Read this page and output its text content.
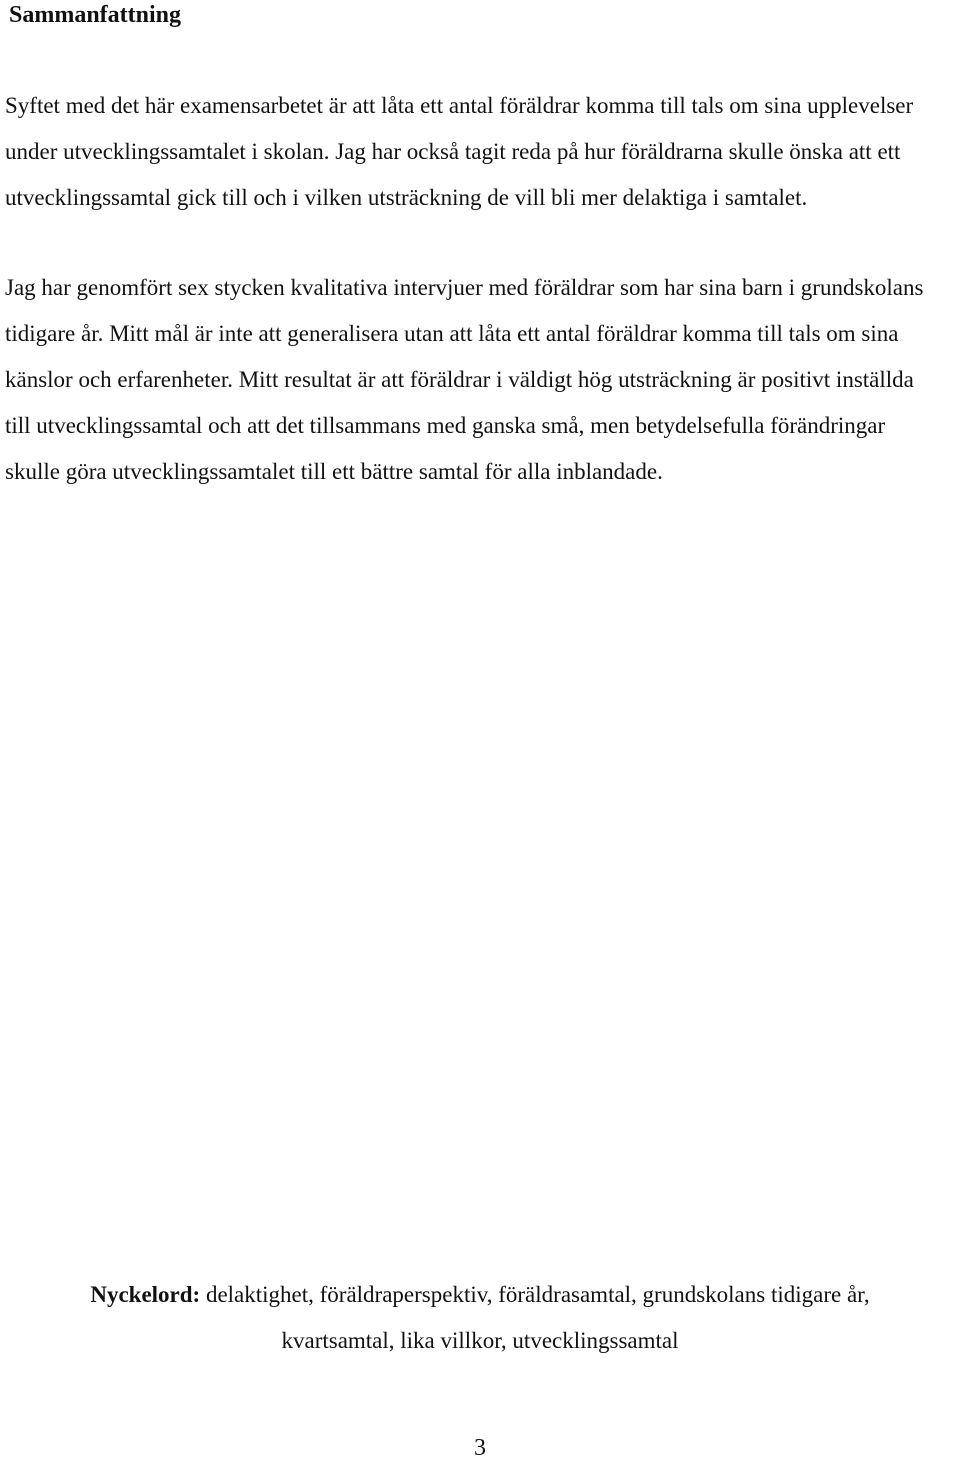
Sammanfattning

Syftet med det här examensarbetet är att låta ett antal föräldrar komma till tals om sina upplevelser under utvecklingssamtalet i skolan. Jag har också tagit reda på hur föräldrarna skulle önska att ett utvecklingssamtal gick till och i vilken utsträckning de vill bli mer delaktiga i samtalet.

Jag har genomfört sex stycken kvalitativa intervjuer med föräldrar som har sina barn i grundskolans tidigare år. Mitt mål är inte att generalisera utan att låta ett antal föräldrar komma till tals om sina känslor och erfarenheter. Mitt resultat är att föräldrar i väldigt hög utsträckning är positivt inställda till utvecklingssamtal och att det tillsammans med ganska små, men betydelsefulla förändringar skulle göra utvecklingssamtalet till ett bättre samtal för alla inblandade.

Nyckelord: delaktighet, föräldraperspektiv, föräldrasamtal, grundskolans tidigare år,
kvartsamtal, lika villkor, utvecklingssamtal

3
